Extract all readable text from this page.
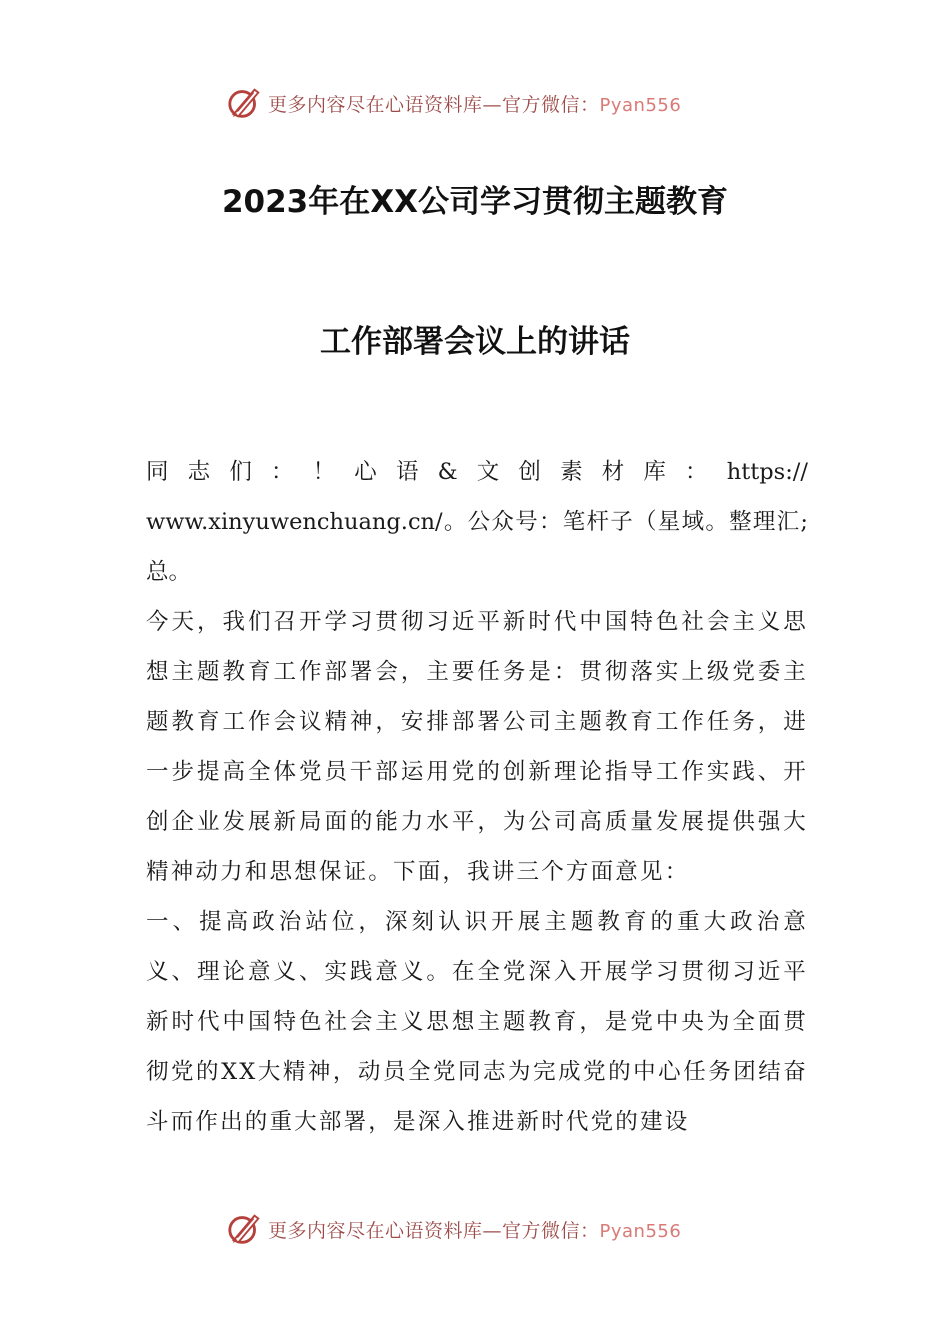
更多内容尽在心语资料库—官方微信：Pyan556
2023年在XX公司学习贯彻主题教育
工作部署会议上的讲话
同 志 们 ： ！ 心 语 & 文 创 素 材 库 ： https://

www.xinyuwenchuang.cn/。公众号：笔杆子（星域。整理汇;总。

今天，我们召开学习贯彻习近平新时代中国特色社会主义思想主题教育工作部署会，主要任务是：贯彻落实上级党委主题教育工作会议精神，安排部署公司主题教育工作任务，进一步提高全体党员干部运用党的创新理论指导工作实践、开创企业发展新局面的能力水平，为公司高质量发展提供强大精神动力和思想保证。下面，我讲三个方面意见：

一、提高政治站位，深刻认识开展主题教育的重大政治意义、理论意义、实践意义。在全党深入开展学习贯彻习近平新时代中国特色社会主义思想主题教育，是党中央为全面贯彻党的XX大精神，动员全党同志为完成党的中心任务团结奋斗而作出的重大部署，是深入推进新时代党的建设

更多内容尽在心语资料库—官方微信：Pyan556
